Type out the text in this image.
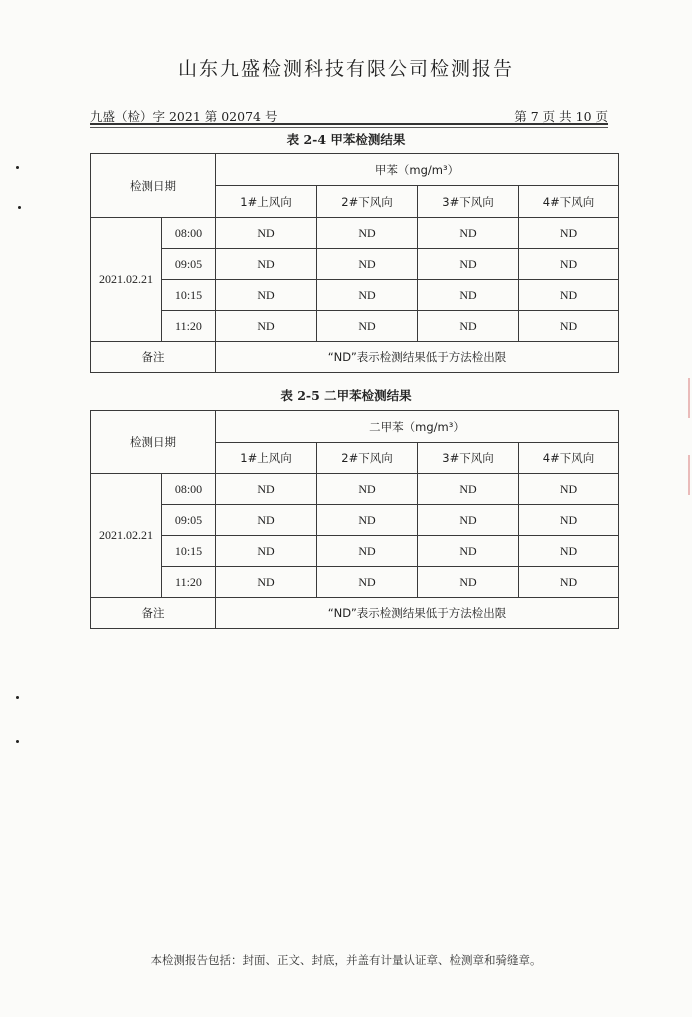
山东九盛检测科技有限公司检测报告
九盛（检）字 2021 第 02074 号	第 7 页 共 10 页
表 2-4 甲苯检测结果
检测日期		甲苯（mg/m³）			
		1#上风向	2#下风向	3#下风向	4#下风向
2021.02.21	08:00	ND	ND	ND	ND
	09:05	ND	ND	ND	ND
	10:15	ND	ND	ND	ND
	11:20	ND	ND	ND	ND
备注		“ND”表示检测结果低于方法检出限			
表 2-5 二甲苯检测结果
检测日期		二甲苯（mg/m³）			
		1#上风向	2#下风向	3#下风向	4#下风向
2021.02.21	08:00	ND	ND	ND	ND
	09:05	ND	ND	ND	ND
	10:15	ND	ND	ND	ND
	11:20	ND	ND	ND	ND
备注		“ND”表示检测结果低于方法检出限			
本检测报告包括：封面、正文、封底，并盖有计量认证章、检测章和骑缝章。
